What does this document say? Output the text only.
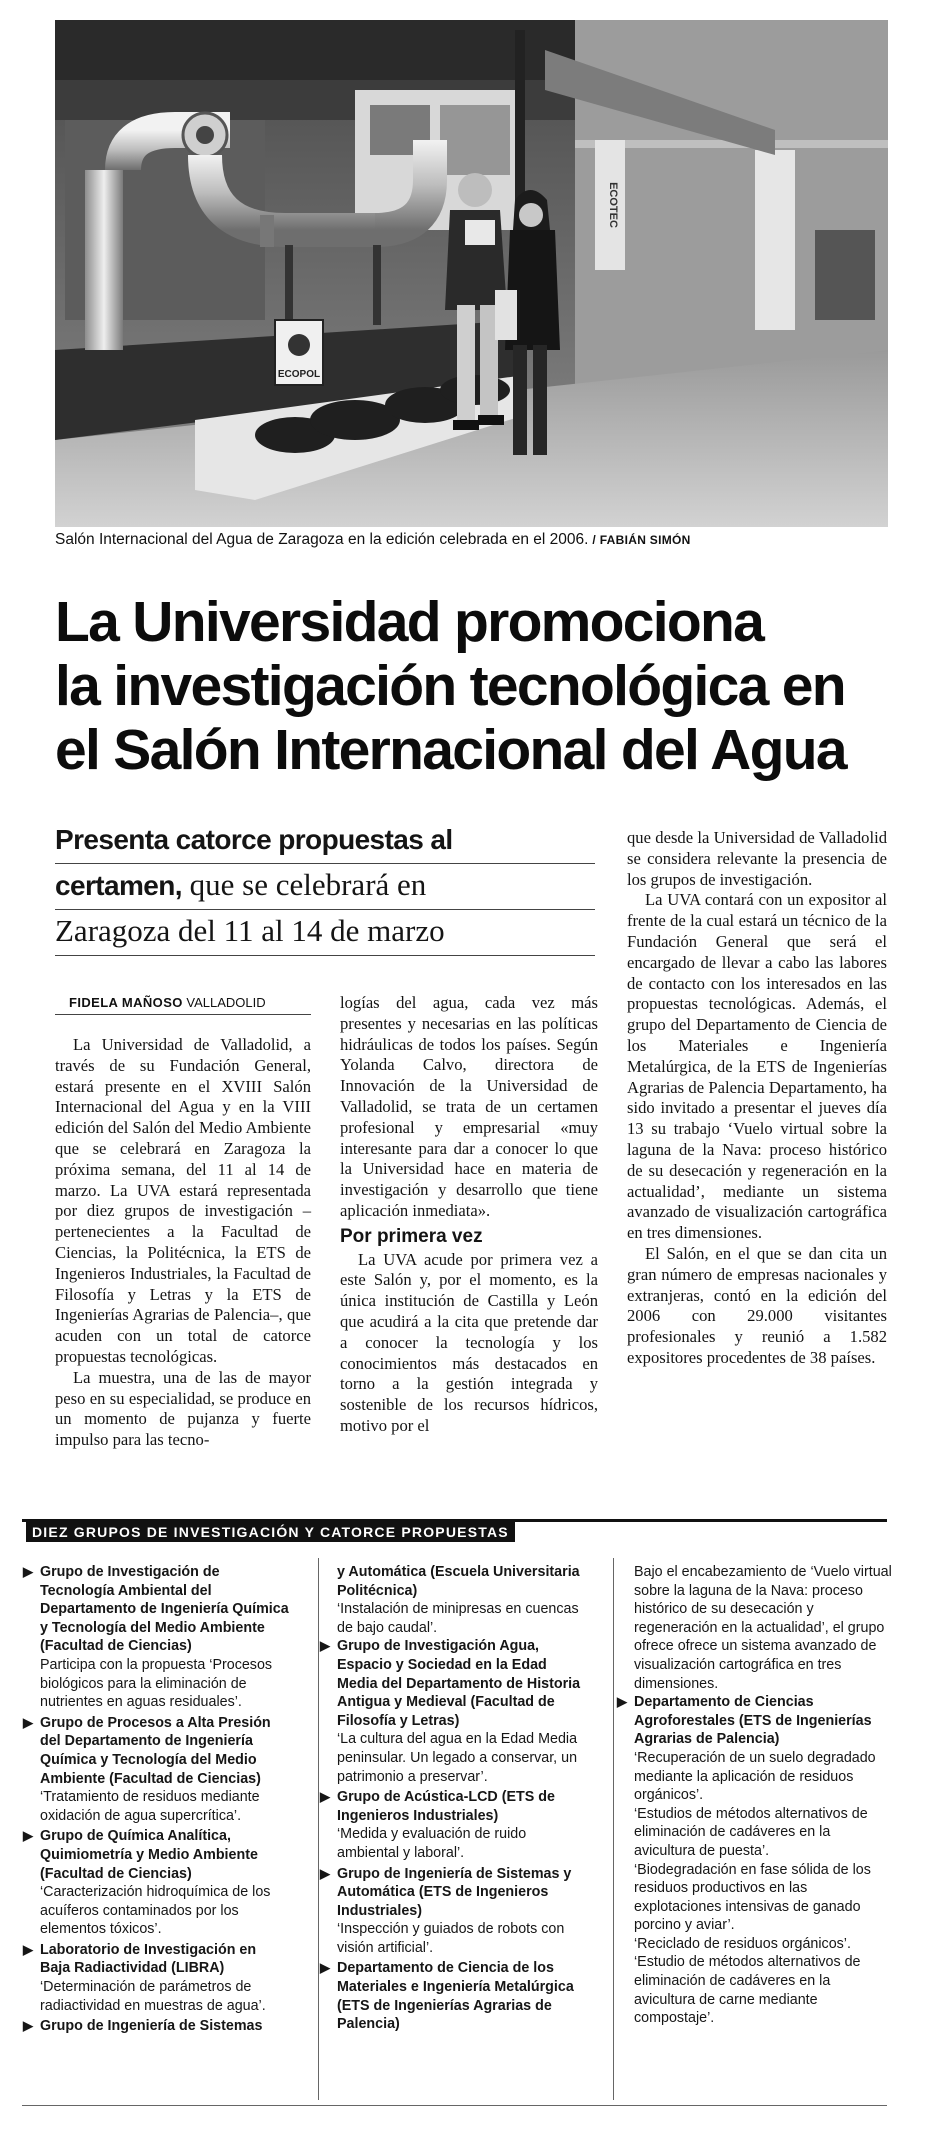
ECOPOL
ECOTEC
Salón Internacional del Agua de Zaragoza en la edición celebrada en el 2006. / FABIÁN SIMÓN
La Universidad promociona
la investigación tecnológica en
el Salón Internacional del Agua
Presenta catorce propuestas al
certamen, que se celebrará en
Zaragoza del 11 al 14 de marzo
FIDELA MAÑOSO VALLADOLID

La Universidad de Valladolid, a través de su Fundación General, estará presente en el XVIII Salón Internacional del Agua y en la VIII edición del Salón del Medio Ambiente que se celebrará en Zaragoza la próxima semana, del 11 al 14 de marzo. La UVA estará representada por diez grupos de investigación –pertenecientes a la Facultad de Ciencias, la Politécnica, la ETS de Ingenieros Industriales, la Facultad de Filosofía y Letras y la ETS de Ingenierías Agrarias de Palencia–, que acuden con un total de catorce propuestas tecnológicas.

La muestra, una de las de mayor peso en su especialidad, se produce en un momento de pujanza y fuerte impulso para las tecno-

logías del agua, cada vez más presentes y necesarias en las políticas hidráulicas de todos los países. Según Yolanda Calvo, directora de Innovación de la Universidad de Valladolid, se trata de un certamen profesional y empresarial «muy interesante para dar a conocer lo que la Universidad hace en materia de investigación y desarrollo que tiene aplicación inmediata».

Por primera vez

La UVA acude por primera vez a este Salón y, por el momento, es la única institución de Castilla y León que acudirá a la cita que pretende dar a conocer la tecnología y los conocimientos más destacados en torno a la gestión integrada y sostenible de los recursos hídricos, motivo por el

que desde la Universidad de Valladolid se considera relevante la presencia de los grupos de investigación.

La UVA contará con un expositor al frente de la cual estará un técnico de la Fundación General que será el encargado de llevar a cabo las labores de contacto con los interesados en las propuestas tecnológicas. Además, el grupo del Departamento de Ciencia de los Materiales e Ingeniería Metalúrgica, de la ETS de Ingenierías Agrarias de Palencia Departamento, ha sido invitado a presentar el jueves día 13 su trabajo ‘Vuelo virtual sobre la laguna de la Nava: proceso histórico de su desecación y regeneración en la actualidad’, mediante un sistema avanzado de visualización cartográfica en tres dimensiones.

El Salón, en el que se dan cita un gran número de empresas nacionales y extranjeras, contó en la edición del 2006 con 29.000 visitantes profesionales y reunió a 1.582 expositores procedentes de 38 países.

DIEZ GRUPOS DE INVESTIGACIÓN Y CATORCE PROPUESTAS
▶ Grupo de Investigación de Tecnología Ambiental del Departamento de Ingeniería Química y Tecnología del Medio Ambiente (Facultad de Ciencias)
Participa con la propuesta ‘Procesos biológicos para la eliminación de nutrientes en aguas residuales’.
▶ Grupo de Procesos a Alta Presión del Departamento de Ingeniería Química y Tecnología del Medio Ambiente (Facultad de Ciencias)
‘Tratamiento de residuos mediante oxidación de agua supercrítica’.
▶ Grupo de Química Analítica, Quimiometría y Medio Ambiente (Facultad de Ciencias)
‘Caracterización hidroquímica de los acuíferos contaminados por los elementos tóxicos’.
▶ Laboratorio de Investigación en Baja Radiactividad (LIBRA)
‘Determinación de parámetros de radiactividad en muestras de agua’.
▶ Grupo de Ingeniería de Sistemas
y Automática (Escuela Universitaria Politécnica)
‘Instalación de minipresas en cuencas de bajo caudal’.
▶ Grupo de Investigación Agua, Espacio y Sociedad en la Edad Media del Departamento de Historia Antigua y Medieval (Facultad de Filosofía y Letras)
‘La cultura del agua en la Edad Media peninsular. Un legado a conservar, un patrimonio a preservar’.
▶ Grupo de Acústica-LCD (ETS de Ingenieros Industriales)
‘Medida y evaluación de ruido ambiental y laboral’.
▶ Grupo de Ingeniería de Sistemas y Automática (ETS de Ingenieros Industriales)
‘Inspección y guiados de robots con visión artificial’.
▶ Departamento de Ciencia de los Materiales e Ingeniería Metalúrgica (ETS de Ingenierías Agrarias de Palencia)
Bajo el encabezamiento de ‘Vuelo virtual sobre la laguna de la Nava: proceso histórico de su desecación y regeneración en la actualidad’, el grupo ofrece ofrece un sistema avanzado de visualización cartográfica en tres dimensiones.
▶ Departamento de Ciencias Agroforestales (ETS de Ingenierías Agrarias de Palencia)
‘Recuperación de un suelo degradado mediante la aplicación de residuos orgánicos’.
‘Estudios de métodos alternativos de eliminación de cadáveres en la avicultura de puesta’.
‘Biodegradación en fase sólida de los residuos productivos en las explotaciones intensivas de ganado porcino y aviar’.
‘Reciclado de residuos orgánicos’.
‘Estudio de métodos alternativos de eliminación de cadáveres en la avicultura de carne mediante compostaje’.
